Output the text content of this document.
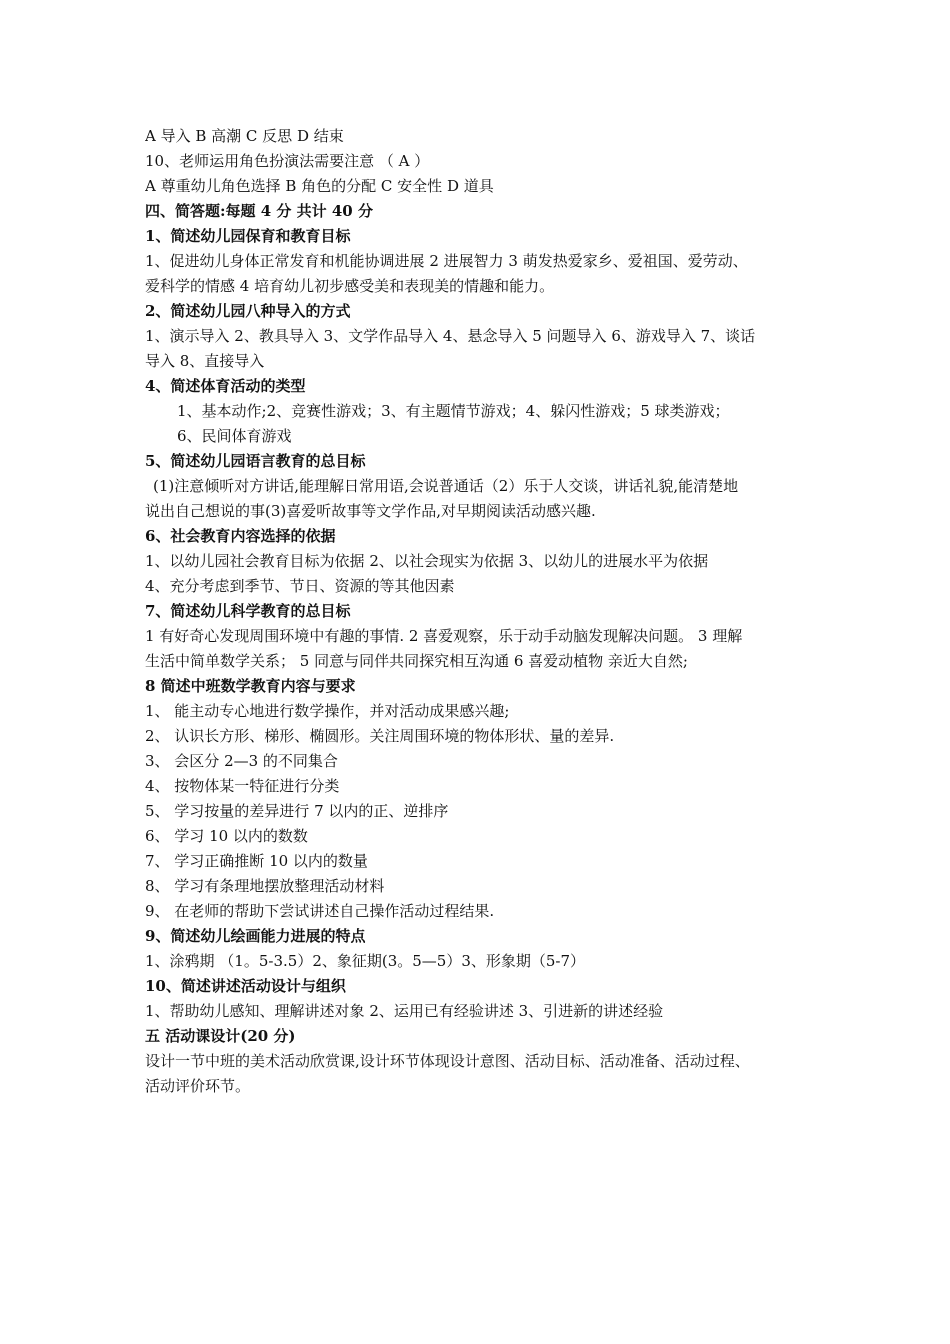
A 导入 B 高潮 C 反思 D 结束
10、老师运用角色扮演法需要注意 （ A ）
A 尊重幼儿角色选择 B 角色的分配 C 安全性 D 道具
四、简答题:每题 4 分 共计 40 分
1、简述幼儿园保育和教育目标
1、促进幼儿身体正常发育和机能协调进展 2 进展智力 3 萌发热爱家乡、爱祖国、爱劳动、
爱科学的情感 4 培育幼儿初步感受美和表现美的情趣和能力。
2、简述幼儿园八种导入的方式
1、演示导入 2、教具导入 3、文学作品导入 4、悬念导入 5 问题导入 6、游戏导入 7、谈话
导入 8、直接导入
4、简述体育活动的类型
1、基本动作;2、竞赛性游戏；3、有主题情节游戏；4、躲闪性游戏；5 球类游戏；
6、民间体育游戏
5、简述幼儿园语言教育的总目标
(1)注意倾听对方讲话,能理解日常用语,会说普通话（2）乐于人交谈，讲话礼貌,能清楚地
说出自己想说的事(3)喜爱听故事等文学作品,对早期阅读活动感兴趣.
6、社会教育内容选择的依据
1、以幼儿园社会教育目标为依据 2、以社会现实为依据 3、以幼儿的进展水平为依据
4、充分考虑到季节、节日、资源的等其他因素
7、简述幼儿科学教育的总目标
1 有好奇心发现周围环境中有趣的事情. 2 喜爱观察，乐于动手动脑发现解决问题。 3 理解
生活中简单数学关系； 5 同意与同伴共同探究相互沟通 6 喜爱动植物 亲近大自然;
8 简述中班数学教育内容与要求
1、 能主动专心地进行数学操作，并对活动成果感兴趣;
2、 认识长方形、梯形、椭圆形。关注周围环境的物体形状、量的差异.
3、 会区分 2—3 的不同集合
4、 按物体某一特征进行分类
5、 学习按量的差异进行 7 以内的正、逆排序
6、 学习 10 以内的数数
7、 学习正确推断 10 以内的数量
8、 学习有条理地摆放整理活动材料
9、 在老师的帮助下尝试讲述自己操作活动过程结果.
9、简述幼儿绘画能力进展的特点
1、涂鸦期 （1。5-3.5）2、象征期(3。5—5）3、形象期（5-7）
10、简述讲述活动设计与组织
1、帮助幼儿感知、理解讲述对象 2、运用已有经验讲述 3、引进新的讲述经验
五 活动课设计(20 分)
设计一节中班的美术活动欣赏课,设计环节体现设计意图、活动目标、活动准备、活动过程、
活动评价环节。
